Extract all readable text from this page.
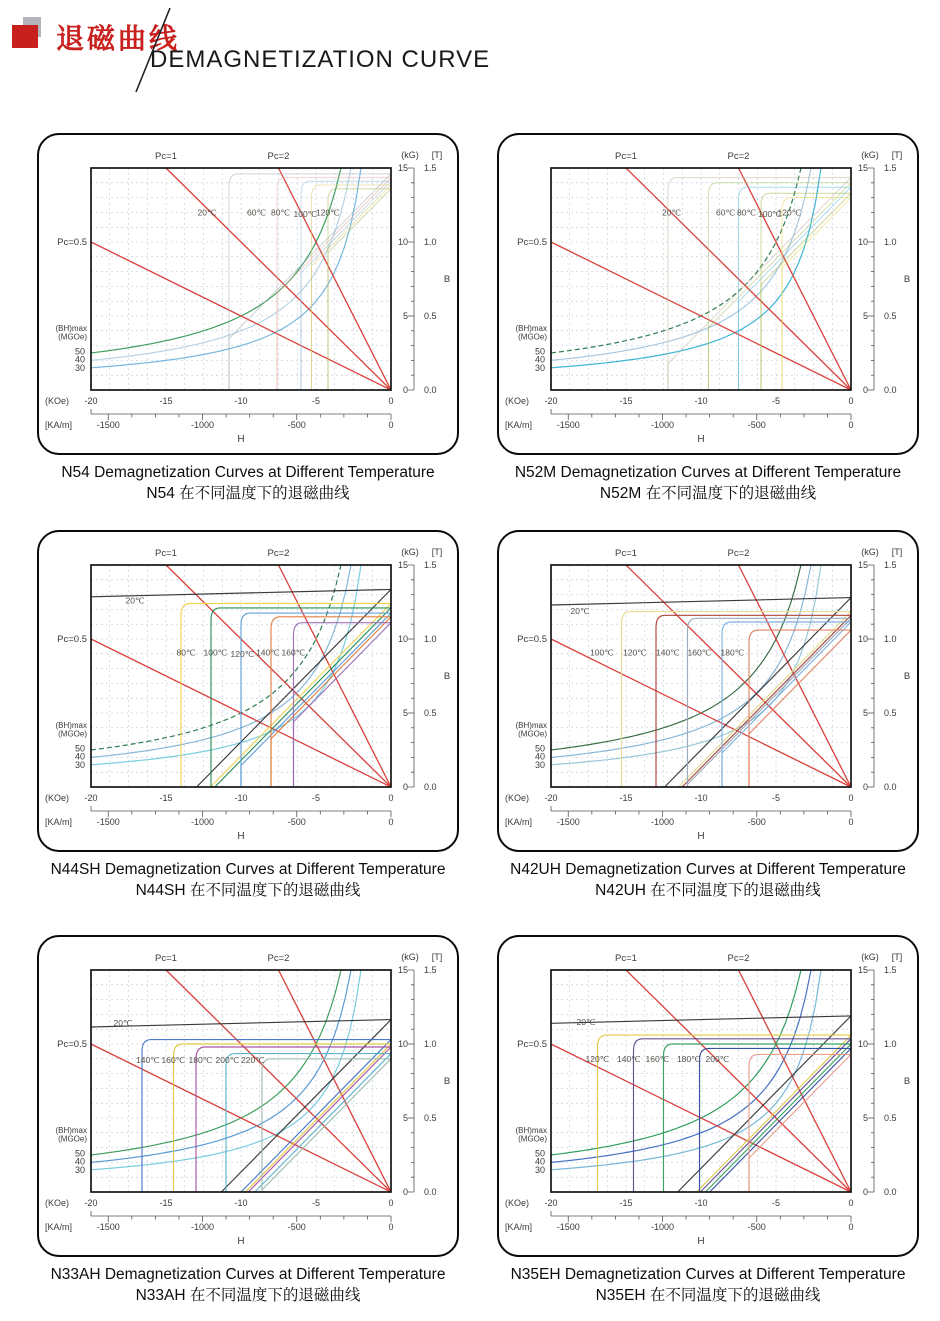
退磁曲线
DEMAGNETIZATION CURVE
20℃	60℃ 80℃ 100℃
120℃
Pc=1	Pc=2	(kG) [T]
Pc=0.5
(BH)max
(MGOe)
50
40
30
15
10
5
0
1.5
1.0
0.5
0.0
B
(KOe) -20	-15	-10	-5	0
[KA/m]	-1500	-1000	-500	0
H
N54 Demagnetization Curves at Different Temperature
N54 在不同温度下的退磁曲线
20℃	60℃ 80℃ 100℃
120℃
Pc=1	Pc=2	(kG) [T]
Pc=0.5
(BH)max
(MGOe)
50
40
30
15
10
5
0
1.5
1.0
0.5
0.0
B
(KOe) -20	-15	-10	-5	0
[KA/m]	-1500	-1000	-500	0
H
N52M Demagnetization Curves at Different Temperature
N52M 在不同温度下的退磁曲线
20℃
80℃ 100℃ 120℃ 140℃ 160℃
Pc=1	Pc=2	(kG) [T]
Pc=0.5
(BH)max
(MGOe)
50
40
30
15
10
5
0
1.5
1.0
0.5
0.0
B
(KOe) -20	-15	-10	-5	0
[KA/m]	-1500	-1000	-500	0
H
N44SH Demagnetization Curves at Different Temperature
N44SH 在不同温度下的退磁曲线
20℃
100℃ 120℃ 140℃ 160℃ 180℃
Pc=1	Pc=2	(kG) [T]
Pc=0.5
(BH)max
(MGOe)
50
40
30
15
10
5
0
1.5
1.0
0.5
0.0
B
(KOe) -20	-15	-10	-5	0
[KA/m]	-1500	-1000	-500	0
H
N42UH Demagnetization Curves at Different Temperature
N42UH 在不同温度下的退磁曲线
20℃
140℃ 160℃ 180℃ 200℃ 220℃
Pc=1	Pc=2	(kG) [T]
Pc=0.5
(BH)max
(MGOe)
50
40
30
15
10
5
0
1.5
1.0
0.5
0.0
B
(KOe) -20	-15	-10	-5	0
[KA/m]	-1500	-1000	-500	0
H
N33AH Demagnetization Curves at Different Temperature
N33AH 在不同温度下的退磁曲线
20℃
120℃ 140℃ 160℃ 180℃ 200℃
Pc=1	Pc=2	(kG) [T]
Pc=0.5
(BH)max
(MGOe)
50
40
30
15
10
5
0
1.5
1.0
0.5
0.0
B
(KOe) -20	-15	-10	-5	0
[KA/m]	-1500	-1000	-500	0
H
N35EH Demagnetization Curves at Different Temperature
N35EH 在不同温度下的退磁曲线
